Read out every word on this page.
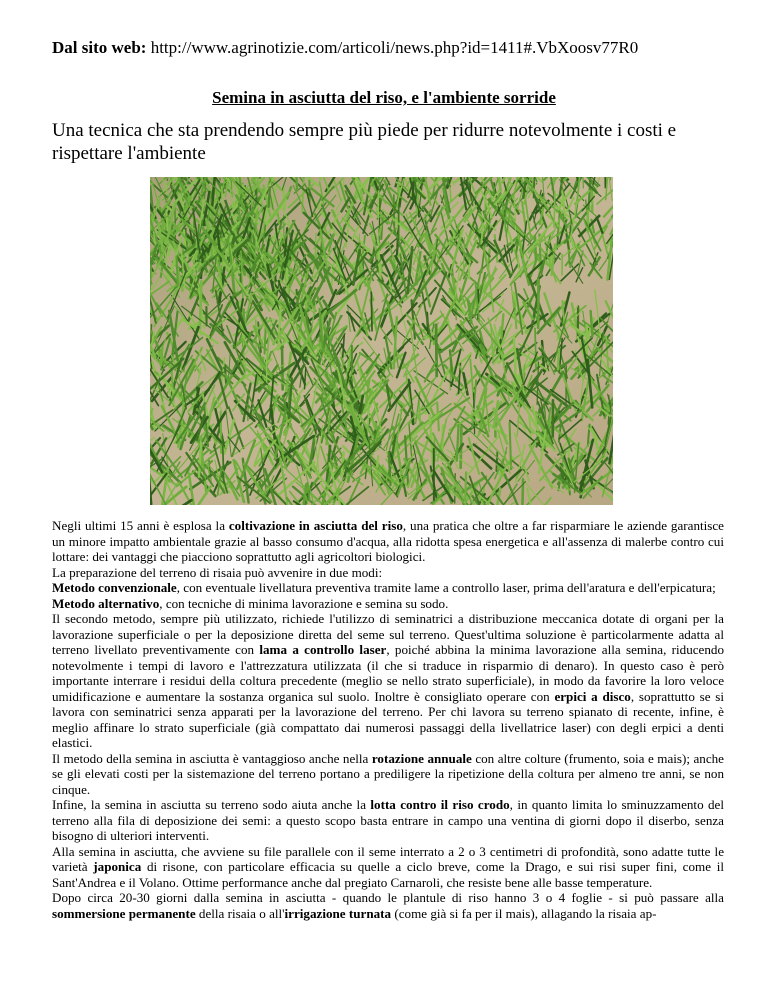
Dal sito web: http://www.agrinotizie.com/articoli/news.php?id=1411#.VbXoosv77R0
Semina in asciutta del riso, e l'ambiente sorride
Una tecnica che sta prendendo sempre più piede per ridurre notevolmente i costi e rispettare l'ambiente

Negli ultimi 15 anni è esplosa la coltivazione in asciutta del riso, una pratica che oltre a far risparmiare le aziende garantisce un minore impatto ambientale grazie al basso consumo d'acqua, alla ridotta spesa energetica e all'assenza di malerbe contro cui lottare: dei vantaggi che piacciono soprattutto agli agricoltori biologici.

La preparazione del terreno di risaia può avvenire in due modi:

Metodo convenzionale, con eventuale livellatura preventiva tramite lame a controllo laser, prima dell'aratura e dell'erpicatura;

Metodo alternativo, con tecniche di minima lavorazione e semina su sodo.

Il secondo metodo, sempre più utilizzato, richiede l'utilizzo di seminatrici a distribuzione meccanica dotate di organi per la lavorazione superficiale o per la deposizione diretta del seme sul terreno. Quest'ultima soluzione è particolarmente adatta al terreno livellato preventivamente con lama a controllo laser, poiché abbina la minima lavorazione alla semina, riducendo notevolmente i tempi di lavoro e l'attrezzatura utilizzata (il che si traduce in risparmio di denaro). In questo caso è però importante interrare i residui della coltura precedente (meglio se nello strato superficiale), in modo da favorire la loro veloce umidificazione e aumentare la sostanza organica sul suolo. Inoltre è consigliato operare con erpici a disco, soprattutto se si lavora con seminatrici senza apparati per la lavorazione del terreno. Per chi lavora su terreno spianato di recente, infine, è meglio affinare lo strato superficiale (già compattato dai numerosi passaggi della livellatrice laser) con degli erpici a denti elastici.

Il metodo della semina in asciutta è vantaggioso anche nella rotazione annuale con altre colture (frumento, soia e mais); anche se gli elevati costi per la sistemazione del terreno portano a prediligere la ripetizione della coltura per almeno tre anni, se non cinque.

Infine, la semina in asciutta su terreno sodo aiuta anche la lotta contro il riso crodo, in quanto limita lo sminuzzamento del terreno alla fila di deposizione dei semi: a questo scopo basta entrare in campo una ventina di giorni dopo il diserbo, senza bisogno di ulteriori interventi.

Alla semina in asciutta, che avviene su file parallele con il seme interrato a 2 o 3 centimetri di profondità, sono adatte tutte le varietà japonica di risone, con particolare efficacia su quelle a ciclo breve, come la Drago, e sui risi super fini, come il Sant'Andrea e il Volano. Ottime performance anche dal pregiato Carnaroli, che resiste bene alle basse temperature.

Dopo circa 20-30 giorni dalla semina in asciutta - quando le plantule di riso hanno 3 o 4 foglie - si può passare alla sommersione permanente della risaia o all'irrigazione turnata (come già si fa per il mais), allagando la risaia ap-
